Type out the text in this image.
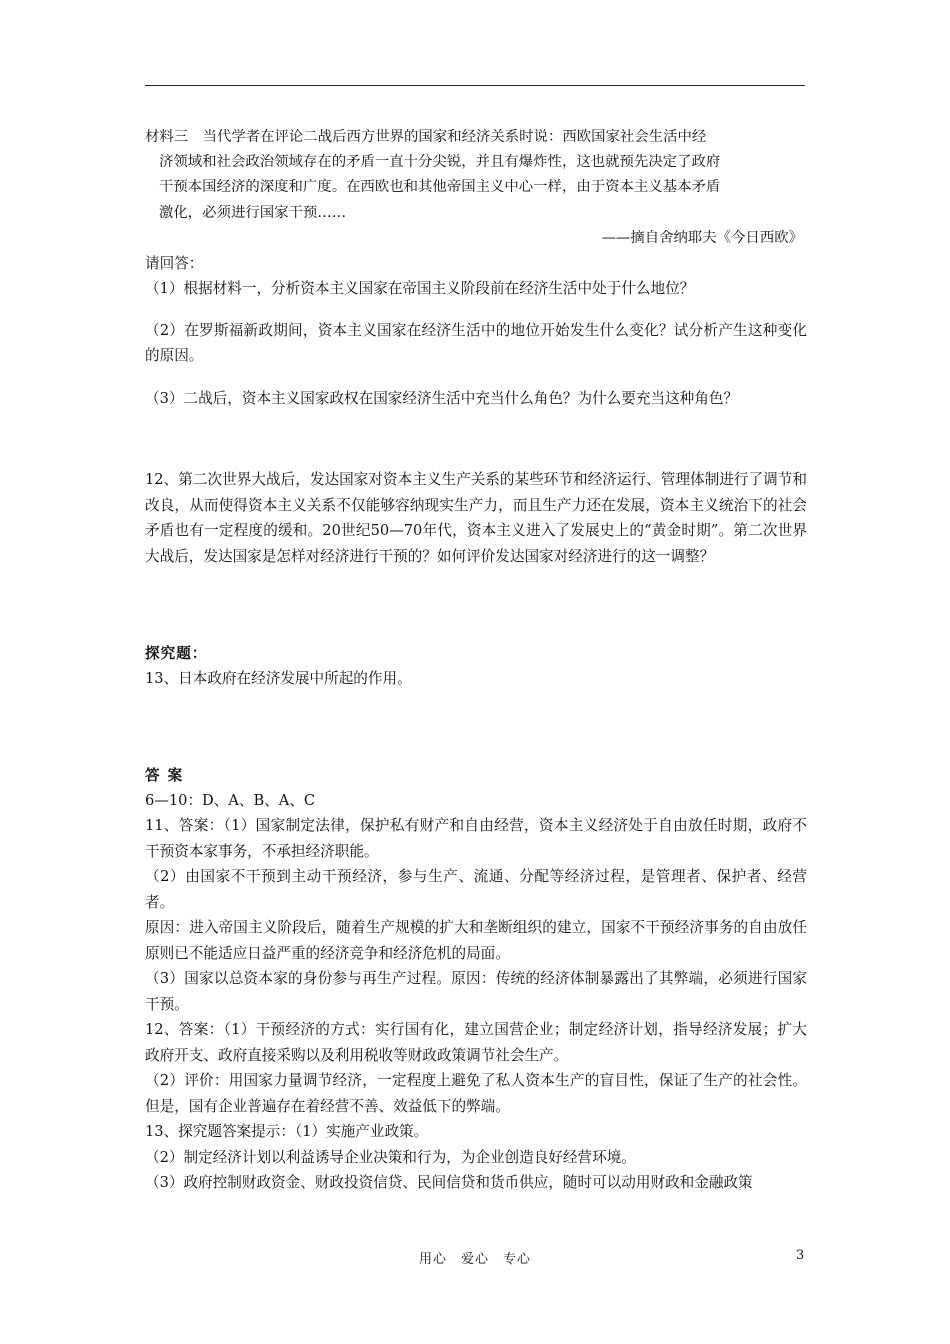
材料三　当代学者在评论二战后西方世界的国家和经济关系时说：西欧国家社会生活中经
济领域和社会政治领域存在的矛盾一直十分尖锐，并且有爆炸性，这也就预先决定了政府
干预本国经济的深度和广度。在西欧也和其他帝国主义中心一样，由于资本主义基本矛盾
激化，必须进行国家干预……
——摘自舍纳耶夫《今日西欧》

请回答：

（1）根据材料一，分析资本主义国家在帝国主义阶段前在经济生活中处于什么地位？

（2）在罗斯福新政期间，资本主义国家在经济生活中的地位开始发生什么变化？试分析产生这种变化的原因。

（3）二战后，资本主义国家政权在国家经济生活中充当什么角色？为什么要充当这种角色？

12、第二次世界大战后，发达国家对资本主义生产关系的某些环节和经济运行、管理体制进行了调节和改良，从而使得资本主义关系不仅能够容纳现实生产力，而且生产力还在发展，资本主义统治下的社会矛盾也有一定程度的缓和。20世纪50—70年代，资本主义进入了发展史上的“黄金时期”。第二次世界大战后，发达国家是怎样对经济进行干预的？如何评价发达国家对经济进行的这一调整？

探究题：

13、日本政府在经济发展中所起的作用。

答案

6—10：D、A、B、A、C

11、答案：（1）国家制定法律，保护私有财产和自由经营，资本主义经济处于自由放任时期，政府不干预资本家事务，不承担经济职能。

（2）由国家不干预到主动干预经济，参与生产、流通、分配等经济过程，是管理者、保护者、经营者。

原因：进入帝国主义阶段后，随着生产规模的扩大和垄断组织的建立，国家不干预经济事务的自由放任原则已不能适应日益严重的经济竞争和经济危机的局面。

（3）国家以总资本家的身份参与再生产过程。原因：传统的经济体制暴露出了其弊端，必须进行国家干预。

12、答案：（1）干预经济的方式：实行国有化，建立国营企业；制定经济计划，指导经济发展；扩大政府开支、政府直接采购以及利用税收等财政政策调节社会生产。

（2）评价：用国家力量调节经济，一定程度上避免了私人资本生产的盲目性，保证了生产的社会性。但是，国有企业普遍存在着经营不善、效益低下的弊端。

13、探究题答案提示：（1）实施产业政策。

（2）制定经济计划以利益诱导企业决策和行为，为企业创造良好经营环境。

（3）政府控制财政资金、财政投资信贷、民间信贷和货币供应，随时可以动用财政和金融政策

用心　爱心　专心	3
